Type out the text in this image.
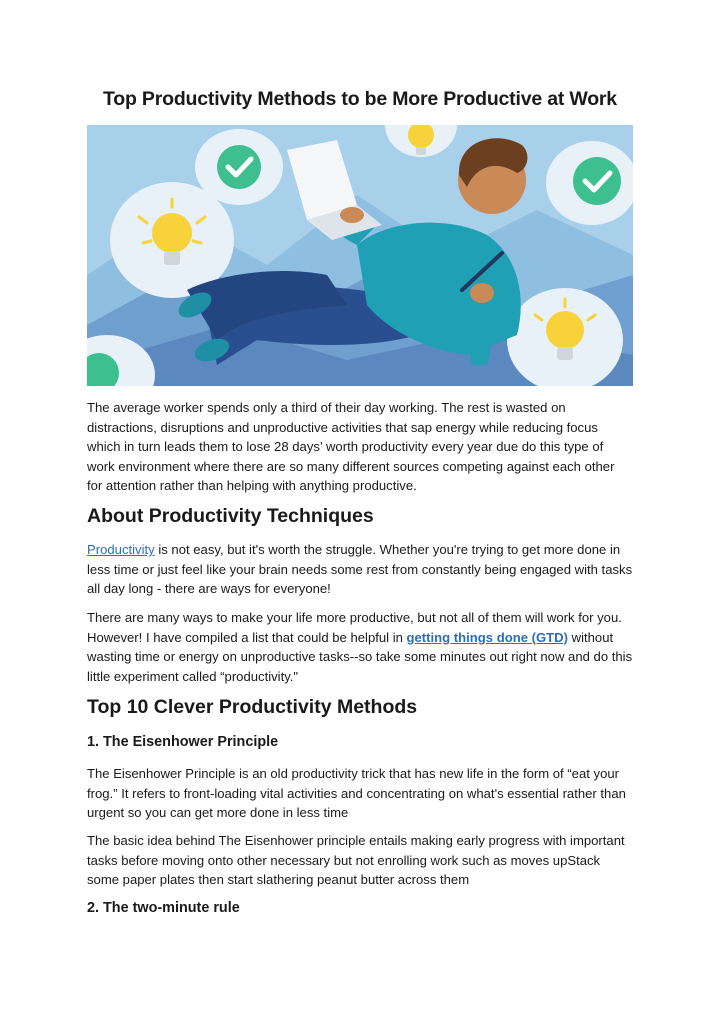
Top Productivity Methods to be More Productive at Work

The average worker spends only a third of their day working. The rest is wasted on distractions, disruptions and unproductive activities that sap energy while reducing focus which in turn leads them to lose 28 days’ worth productivity every year due do this type of work environment where there are so many different sources competing against each other for attention rather than helping with anything productive.

About Productivity Techniques

Productivity is not easy, but it's worth the struggle. Whether you're trying to get more done in less time or just feel like your brain needs some rest from constantly being engaged with tasks all day long - there are ways for everyone!

There are many ways to make your life more productive, but not all of them will work for you. However! I have compiled a list that could be helpful in getting things done (GTD) without wasting time or energy on unproductive tasks--so take some minutes out right now and do this little experiment called “productivity."

Top 10 Clever Productivity Methods
1. The Eisenhower Principle

The Eisenhower Principle is an old productivity trick that has new life in the form of “eat your frog.” It refers to front-loading vital activities and concentrating on what's essential rather than urgent so you can get more done in less time

The basic idea behind The Eisenhower principle entails making early progress with important tasks before moving onto other necessary but not enrolling work such as moves upStack some paper plates then start slathering peanut butter across them

2. The two-minute rule
